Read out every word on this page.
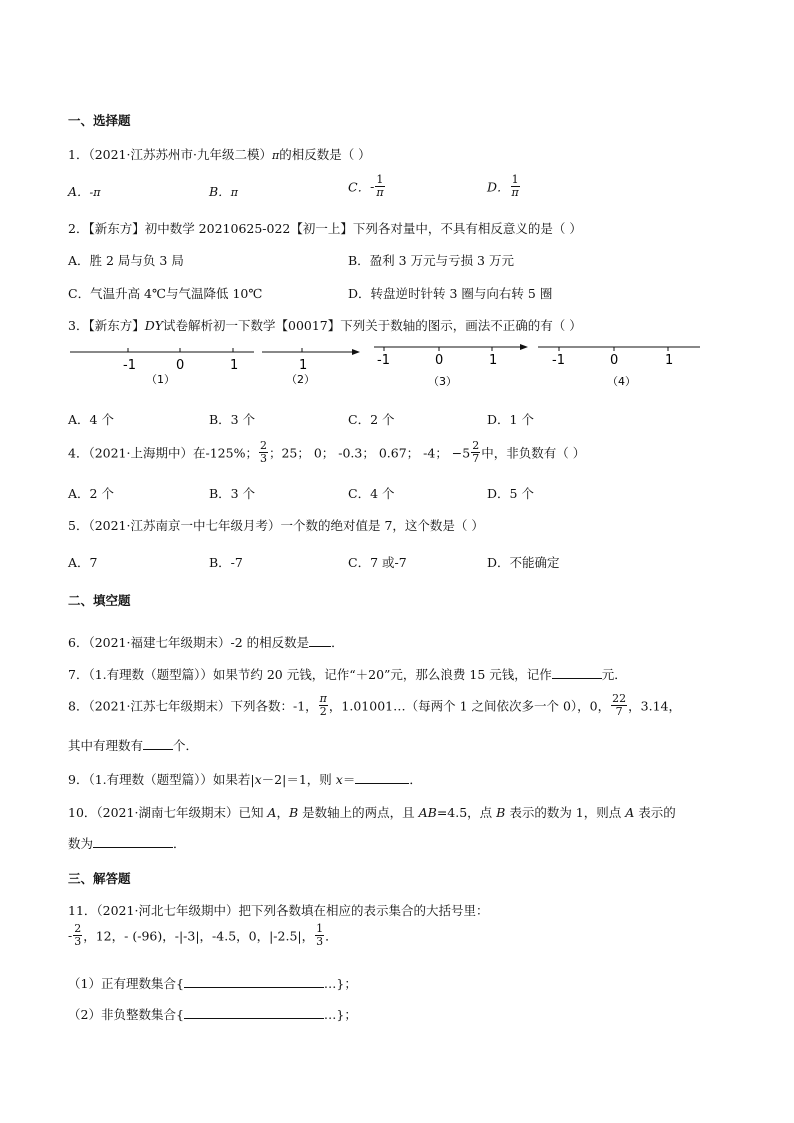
一、选择题
1．（2021·江苏苏州市·九年级二模）π的相反数是（ ）
A．-π	B．π	C．- $\frac{1}{\pi}$	D． $\frac{1}{\pi}$
2．【新东方】初中数学 20210625-022【初一上】下列各对量中，不具有相反意义的是（ ）
A．胜 2 局与负 3 局	B．盈利 3 万元与亏损 3 万元
C．气温升高 4℃与气温降低 10℃	D．转盘逆时针转 3 圈与向右转 5 圈
3．【新东方】DY试卷解析初一下数学【00017】下列关于数轴的图示，画法不正确的有（ ）
-1	0	1
（1）
1
（2）
-1	0	1
（3）
-1	0	1
（4）
A．4 个	B．3 个	C．2 个	D．1 个
4．（2021·上海期中）在-125%； $\frac{2}{3}$ ；25； 0； -0.3； 0.67； -4； $-5 \frac{2}{7}$ 中，非负数有（ ）
A．2 个	B．3 个	C．4 个	D．5 个
5．（2021·江苏南京一中七年级月考）一个数的绝对值是 7，这个数是（ ）
A．7	B．-7	C．7 或-7	D．不能确定
二、填空题
6．（2021·福建七年级期末）-2 的相反数是 ．
7．（1.有理数（题型篇））如果节约 20 元钱，记作“＋20”元，那么浪费 15 元钱，记作	元．
8．（2021·江苏七年级期末）下列各数：-1， $\frac{\pi}{2}$ ，1.01001…（每两个 1 之间依次多一个 0），0， $\frac{22}{7}$ ，3.14，
其中有理数有 个．
9．（1.有理数（题型篇））如果若|x－2|＝1，则 x＝	．
10．（2021·湖南七年级期末）已知 A，B 是数轴上的两点，且 AB=4.5，点 B 表示的数为 1，则点 A 表示的
数为	．
三、解答题
11．（2021·河北七年级期中）把下列各数填在相应的表示集合的大括号里：
- $\frac{2}{3}$ ，12，- (-96)，-|-3|，-4.5，0，|-2.5|， $\frac{1}{3}$ ．
（1）正有理数集合{	…}；
（2）非负整数集合{	…}；
